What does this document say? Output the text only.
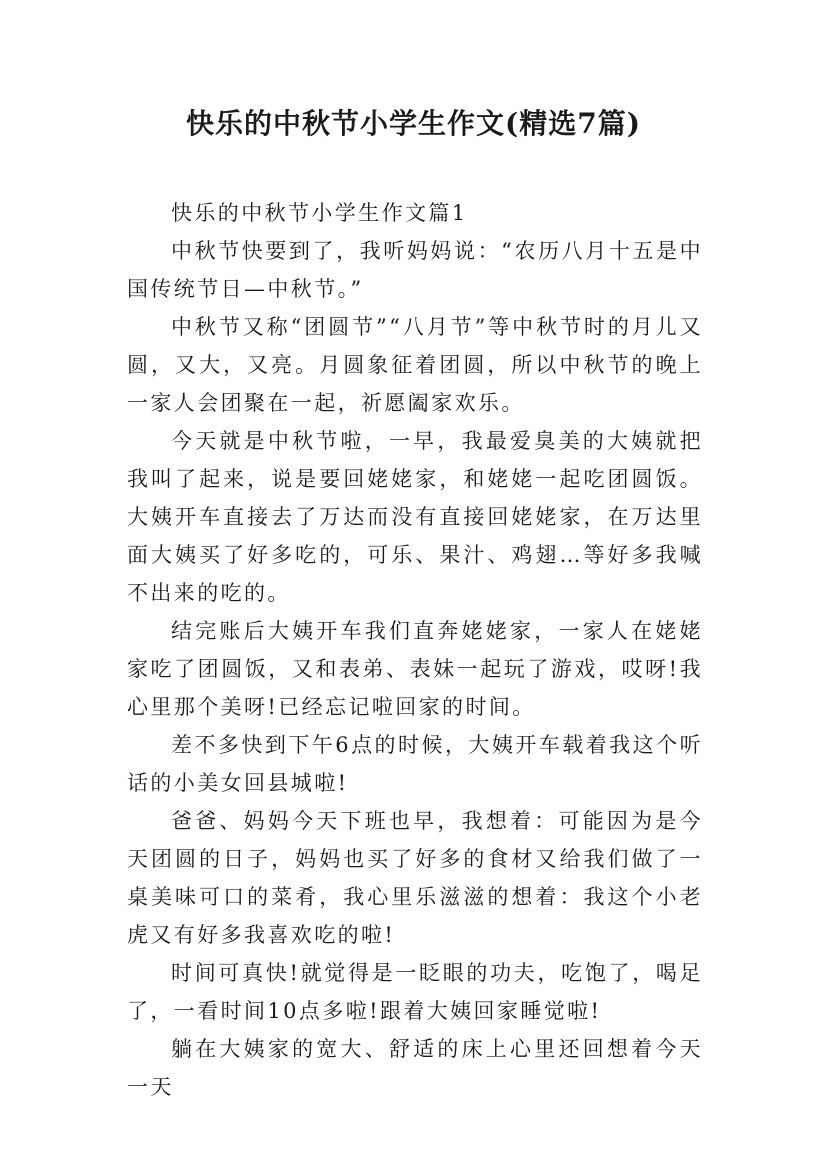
快乐的中秋节小学生作文(精选7篇)

快乐的中秋节小学生作文篇1

中秋节快要到了，我听妈妈说：“农历八月十五是中国传统节日—中秋节。”

中秋节又称“团圆节”“八月节”等中秋节时的月儿又圆，又大，又亮。月圆象征着团圆，所以中秋节的晚上一家人会团聚在一起，祈愿阖家欢乐。

今天就是中秋节啦，一早，我最爱臭美的大姨就把我叫了起来，说是要回姥姥家，和姥姥一起吃团圆饭。大姨开车直接去了万达而没有直接回姥姥家，在万达里面大姨买了好多吃的，可乐、果汁、鸡翅…等好多我喊不出来的吃的。

结完账后大姨开车我们直奔姥姥家，一家人在姥姥家吃了团圆饭，又和表弟、表妹一起玩了游戏，哎呀!我心里那个美呀!已经忘记啦回家的时间。

差不多快到下午6点的时候，大姨开车载着我这个听话的小美女回县城啦!

爸爸、妈妈今天下班也早，我想着：可能因为是今天团圆的日子，妈妈也买了好多的食材又给我们做了一桌美味可口的菜肴，我心里乐滋滋的想着：我这个小老虎又有好多我喜欢吃的啦!

时间可真快!就觉得是一眨眼的功夫，吃饱了，喝足了，一看时间10点多啦!跟着大姨回家睡觉啦!

躺在大姨家的宽大、舒适的床上心里还回想着今天一天
